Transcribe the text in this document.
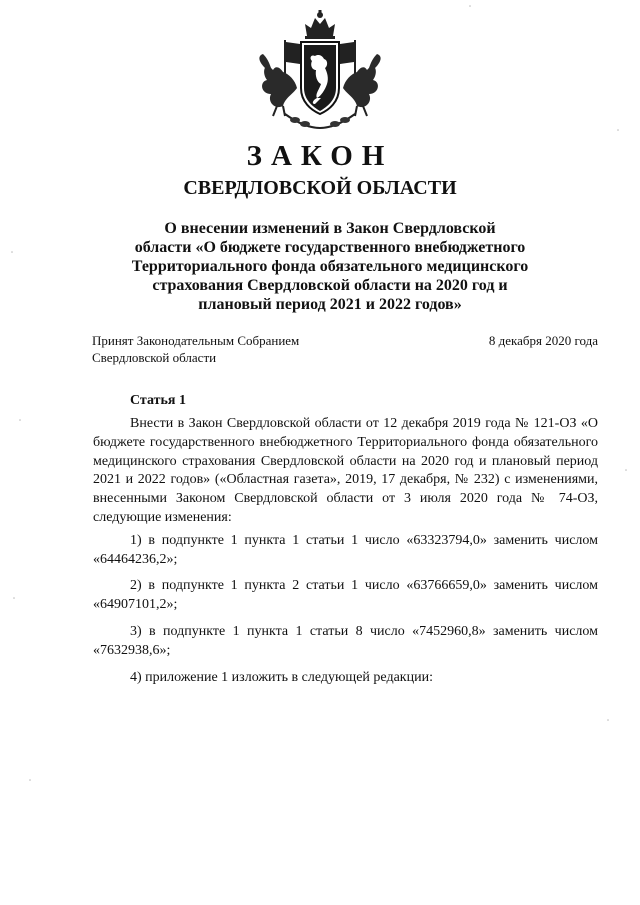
ЗАКОН
СВЕРДЛОВСКОЙ ОБЛАСТИ
О внесении изменений в Закон Свердловской
области «О бюджете государственного внебюджетного
Территориального фонда обязательного медицинского
страхования Свердловской области на 2020 год и
плановый период 2021 и 2022 годов»
Принят Законодательным Собранием
Свердловской области
8 декабря 2020 года
Статья 1

Внести в Закон Свердловской области от 12 декабря 2019 года № 121-ОЗ «О бюджете государственного внебюджетного Территориального фонда обязательного медицинского страхования Свердловской области на 2020 год и плановый период 2021 и 2022 годов» («Областная газета», 2019, 17 декабря, № 232) с изменениями, внесенными Законом Свердловской области от 3 июля 2020 года № 74-ОЗ, следующие изменения:

1) в подпункте 1 пункта 1 статьи 1 число «63323794,0» заменить числом «64464236,2»;

2) в подпункте 1 пункта 2 статьи 1 число «63766659,0» заменить числом «64907101,2»;

3) в подпункте 1 пункта 1 статьи 8 число «7452960,8» заменить числом «7632938,6»;

4) приложение 1 изложить в следующей редакции:
